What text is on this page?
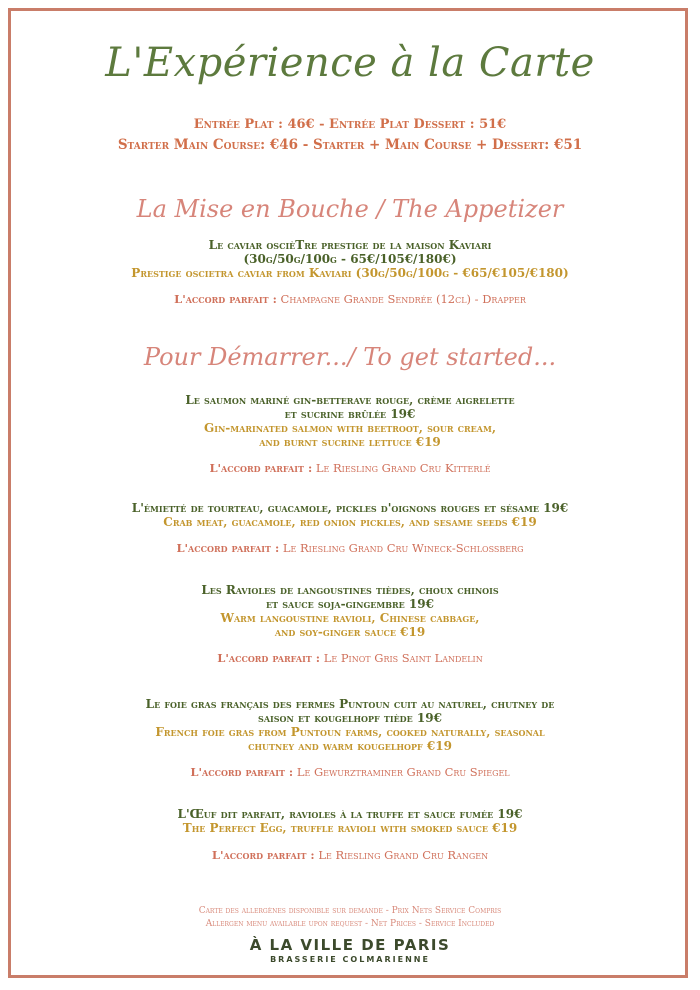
L'Expérience à la Carte
Entrée Plat : 46€ - Entrée Plat Dessert : 51€
Starter Main Course: €46 - Starter + Main Course + Dessert: €51
La Mise en Bouche / The Appetizer
Le caviar oscièTre prestige de la maison Kaviari
(30g/50g/100g - 65€/105€/180€)
Prestige oscietra caviar from Kaviari (30g/50g/100g - €65/€105/€180)
L'accord parfait : Champagne Grande Sendrée (12cl) - Drapper
Pour Démarrer.../ To get started...
Le saumon mariné gin-betterave rouge, crème aigrelette
et sucrine brûlée 19€
Gin-marinated salmon with beetroot, sour cream,
and burnt sucrine lettuce €19
L'accord parfait : Le Riesling Grand Cru Kitterlé
L'émietté de tourteau, guacamole, pickles d'oignons rouges et sésame 19€
Crab meat, guacamole, red onion pickles, and sesame seeds €19
L'accord parfait : Le Riesling Grand Cru Wineck-Schlossberg
Les Ravioles de langoustines tièdes, choux chinois
et sauce soja-gingembre 19€
Warm langoustine ravioli, Chinese cabbage,
and soy-ginger sauce €19
L'accord parfait : Le Pinot Gris Saint Landelin
Le foie gras français des fermes Puntoun cuit au naturel, chutney de
saison et kougelhopf tiède 19€
French foie gras from Puntoun farms, cooked naturally, seasonal
chutney and warm kougelhopf €19
L'accord parfait : Le Gewurztraminer Grand Cru Spiegel
L'Œuf dit parfait, ravioles à la truffe et sauce fumée 19€
The Perfect Egg, truffle ravioli with smoked sauce €19
L'accord parfait : Le Riesling Grand Cru Rangen
Carte des allergènes disponible sur demande - Prix Nets Service Compris
Allergen menu available upon request - Net Prices - Service Included
À LA VILLE DE PARIS
BRASSERIE COLMARIENNE
